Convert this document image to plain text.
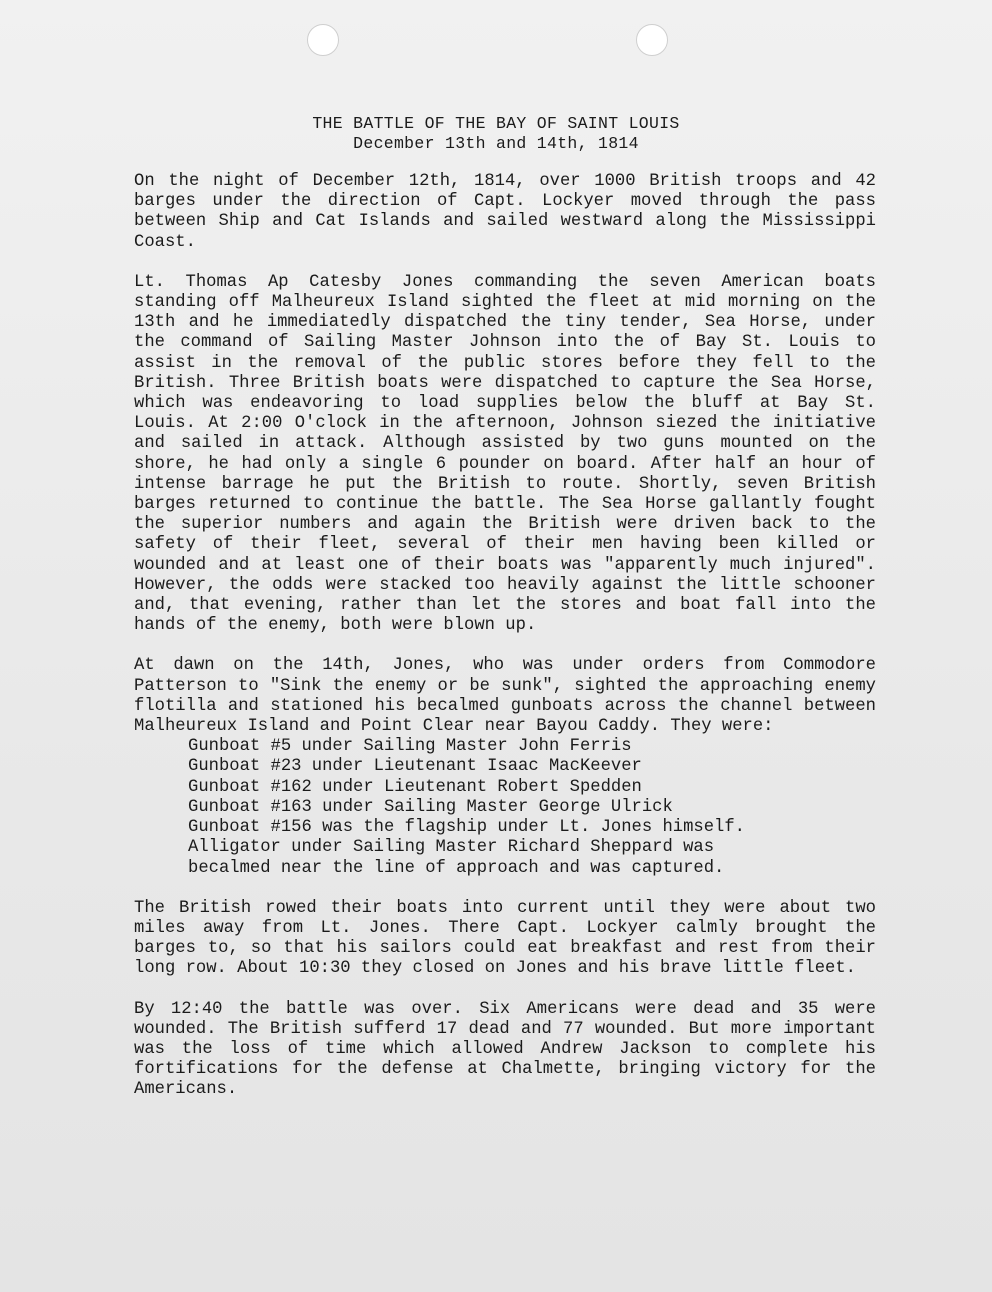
THE BATTLE OF THE BAY OF SAINT LOUIS
December 13th and 14th, 1814

On the night of December 12th, 1814, over 1000 British troops and 42 barges under the direction of Capt. Lockyer moved through the pass between Ship and Cat Islands and sailed westward along the Mississippi Coast.

Lt. Thomas Ap Catesby Jones commanding the seven American boats standing off Malheureux Island sighted the fleet at mid morning on the 13th and he immediatedly dispatched the tiny tender, Sea Horse, under the command of Sailing Master Johnson into the of Bay St. Louis to assist in the removal of the public stores before they fell to the British. Three British boats were dispatched to capture the Sea Horse, which was endeavoring to load supplies below the bluff at Bay St. Louis. At 2:00 O'clock in the afternoon, Johnson siezed the initiative and sailed in attack. Although assisted by two guns mounted on the shore, he had only a single 6 pounder on board. After half an hour of intense barrage he put the British to route. Shortly, seven British barges returned to continue the battle. The Sea Horse gallantly fought the superior numbers and again the British were driven back to the safety of their fleet, several of their men having been killed or wounded and at least one of their boats was "apparently much injured". However, the odds were stacked too heavily against the little schooner and, that evening, rather than let the stores and boat fall into the hands of the enemy, both were blown up.

At dawn on the 14th, Jones, who was under orders from Commodore Patterson to "Sink the enemy or be sunk", sighted the approaching enemy flotilla and stationed his becalmed gunboats across the channel between Malheureux Island and Point Clear near Bayou Caddy. They were:

Gunboat #5 under Sailing Master John Ferris
Gunboat #23 under Lieutenant Isaac MacKeever
Gunboat #162 under Lieutenant Robert Spedden
Gunboat #163 under Sailing Master George Ulrick
Gunboat #156 was the flagship under Lt. Jones himself.
Alligator under Sailing Master Richard Sheppard was
becalmed near the line of approach and was captured.

The British rowed their boats into current until they were about two miles away from Lt. Jones. There Capt. Lockyer calmly brought the barges to, so that his sailors could eat breakfast and rest from their long row. About 10:30 they closed on Jones and his brave little fleet.

By 12:40 the battle was over. Six Americans were dead and 35 were wounded. The British sufferd 17 dead and 77 wounded. But more important was the loss of time which allowed Andrew Jackson to complete his fortifications for the defense at Chalmette, bringing victory for the Americans.
